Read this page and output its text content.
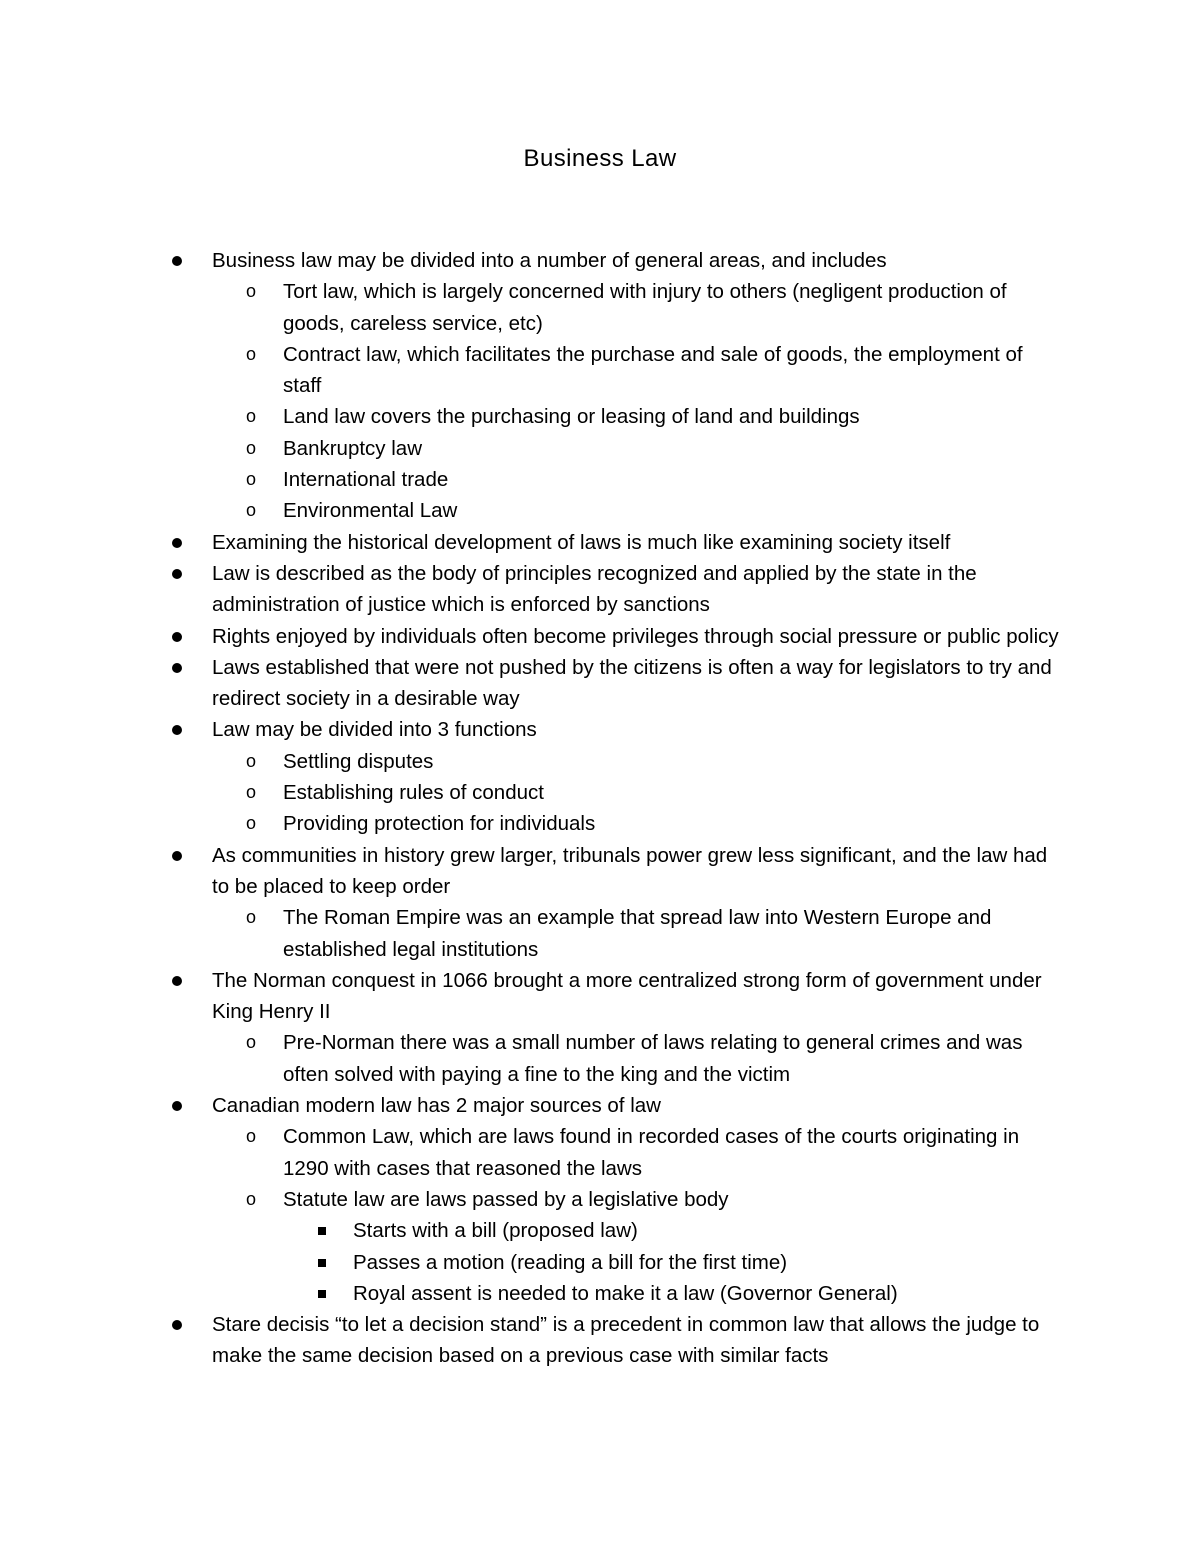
Business Law
Business law may be divided into a number of general areas, and includes
o Tort law, which is largely concerned with injury to others (negligent production of goods, careless service, etc)
o Contract law, which facilitates the purchase and sale of goods, the employment of staff
o Land law covers the purchasing or leasing of land and buildings
o Bankruptcy law
o International trade
o Environmental Law
Examining the historical development of laws is much like examining society itself
Law is described as the body of principles recognized and applied by the state in the administration of justice which is enforced by sanctions
Rights enjoyed by individuals often become privileges through social pressure or public policy
Laws established that were not pushed by the citizens is often a way for legislators to try and redirect society in a desirable way
Law may be divided into 3 functions
o Settling disputes
o Establishing rules of conduct
o Providing protection for individuals
As communities in history grew larger, tribunals power grew less significant, and the law had to be placed to keep order
o The Roman Empire was an example that spread law into Western Europe and established legal institutions
The Norman conquest in 1066 brought a more centralized strong form of government under King Henry II
o Pre-Norman there was a small number of laws relating to general crimes and was often solved with paying a fine to the king and the victim
Canadian modern law has 2 major sources of law
o Common Law, which are laws found in recorded cases of the courts originating in 1290 with cases that reasoned the laws
o Statute law are laws passed by a legislative body
Starts with a bill (proposed law)
Passes a motion (reading a bill for the first time)
Royal assent is needed to make it a law (Governor General)
Stare decisis “to let a decision stand” is a precedent in common law that allows the judge to make the same decision based on a previous case with similar facts
